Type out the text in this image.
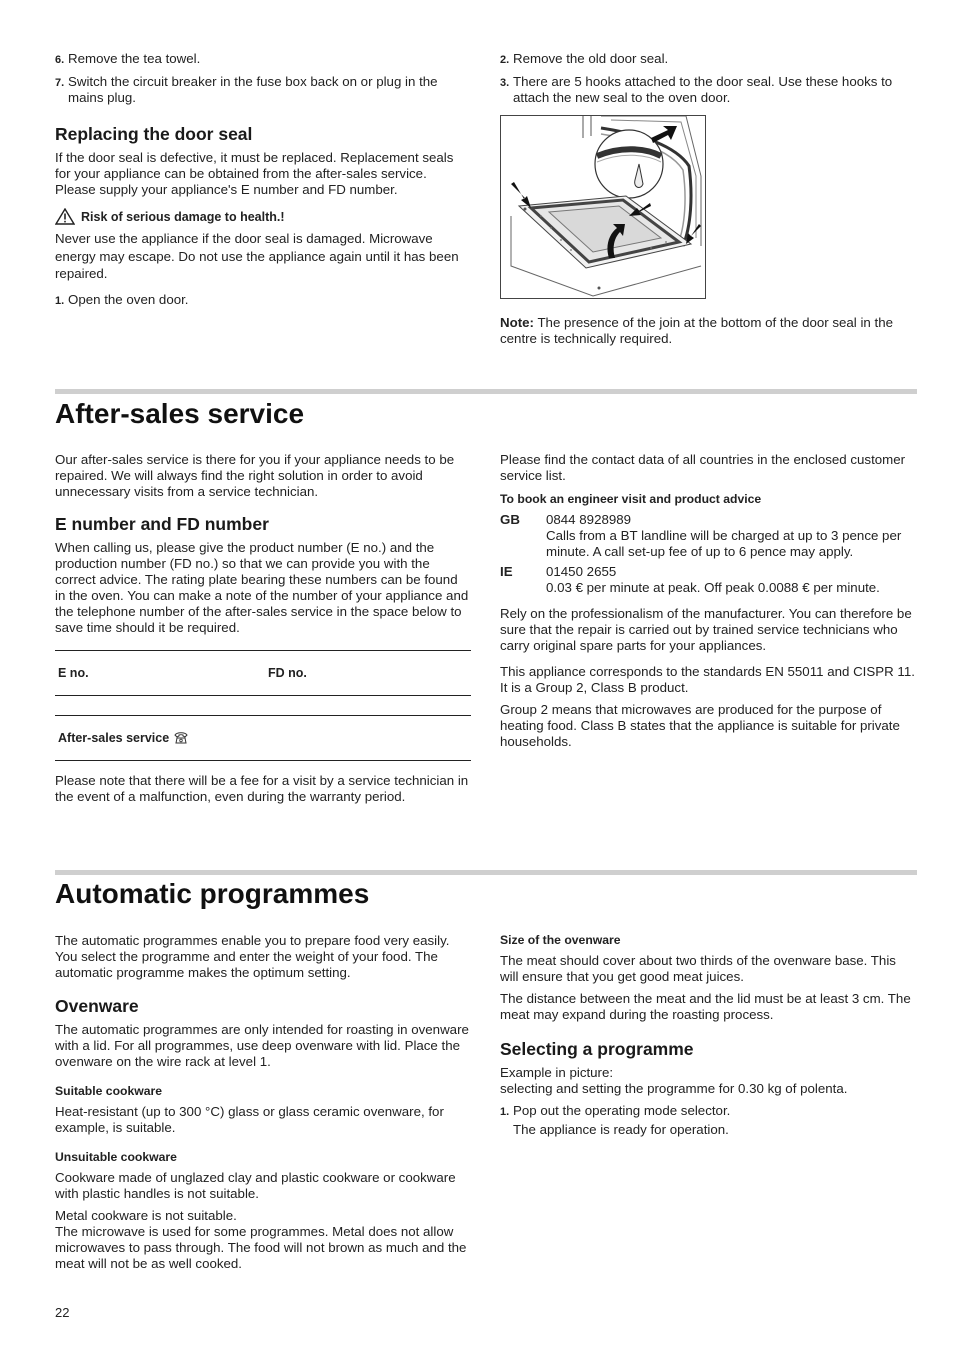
6. Remove the tea towel.
7. Switch the circuit breaker in the fuse box back on or plug in the mains plug.
Replacing the door seal

If the door seal is defective, it must be replaced. Replacement seals for your appliance can be obtained from the after-sales service. Please supply your appliance's E number and FD number.

Risk of serious damage to health.!

Never use the appliance if the door seal is damaged. Microwave energy may escape. Do not use the appliance again until it has been repaired.

1. Open the oven door.
2. Remove the old door seal.
3. There are 5 hooks attached to the door seal. Use these hooks to attach the new seal to the oven door.

Note: The presence of the join at the bottom of the door seal in the centre is technically required.

After-sales service

Our after-sales service is there for you if your appliance needs to be repaired. We will always find the right solution in order to avoid unnecessary visits from a service technician.

E number and FD number

When calling us, please give the product number (E no.) and the production number (FD no.) so that we can provide you with the correct advice. The rating plate bearing these numbers can be found in the oven. You can make a note of the number of your appliance and the telephone number of the after-sales service in the space below to save time should it be required.

E no.	FD no.
After-sales service

Please note that there will be a fee for a visit by a service technician in the event of a malfunction, even during the warranty period.

Please find the contact data of all countries in the enclosed customer service list.

To book an engineer visit and product advice
GB	0844 8928989
Calls from a BT landline will be charged at up to 3 pence per minute. A call set-up fee of up to 6 pence may apply.
IE	01450 2655
0.03 € per minute at peak. Off peak 0.0088 € per minute.

Rely on the professionalism of the manufacturer. You can therefore be sure that the repair is carried out by trained service technicians who carry original spare parts for your appliances.

This appliance corresponds to the standards EN 55011 and CISPR 11. It is a Group 2, Class B product.

Group 2 means that microwaves are produced for the purpose of heating food. Class B states that the appliance is suitable for private households.

Automatic programmes

The automatic programmes enable you to prepare food very easily. You select the programme and enter the weight of your food. The automatic programme makes the optimum setting.

Ovenware

The automatic programmes are only intended for roasting in ovenware with a lid. For all programmes, use deep ovenware with lid. Place the ovenware on the wire rack at level 1.

Suitable cookware

Heat-resistant (up to 300 °C) glass or glass ceramic ovenware, for example, is suitable.

Unsuitable cookware

Cookware made of unglazed clay and plastic cookware or cookware with plastic handles is not suitable.

Metal cookware is not suitable.

The microwave is used for some programmes. Metal does not allow microwaves to pass through. The food will not brown as much and the meat will not be as well cooked.

Size of the ovenware

The meat should cover about two thirds of the ovenware base. This will ensure that you get good meat juices.

The distance between the meat and the lid must be at least 3 cm. The meat may expand during the roasting process.

Selecting a programme

Example in picture:

selecting and setting the programme for 0.30 kg of polenta.

1. Pop out the operating mode selector.

The appliance is ready for operation.

22
